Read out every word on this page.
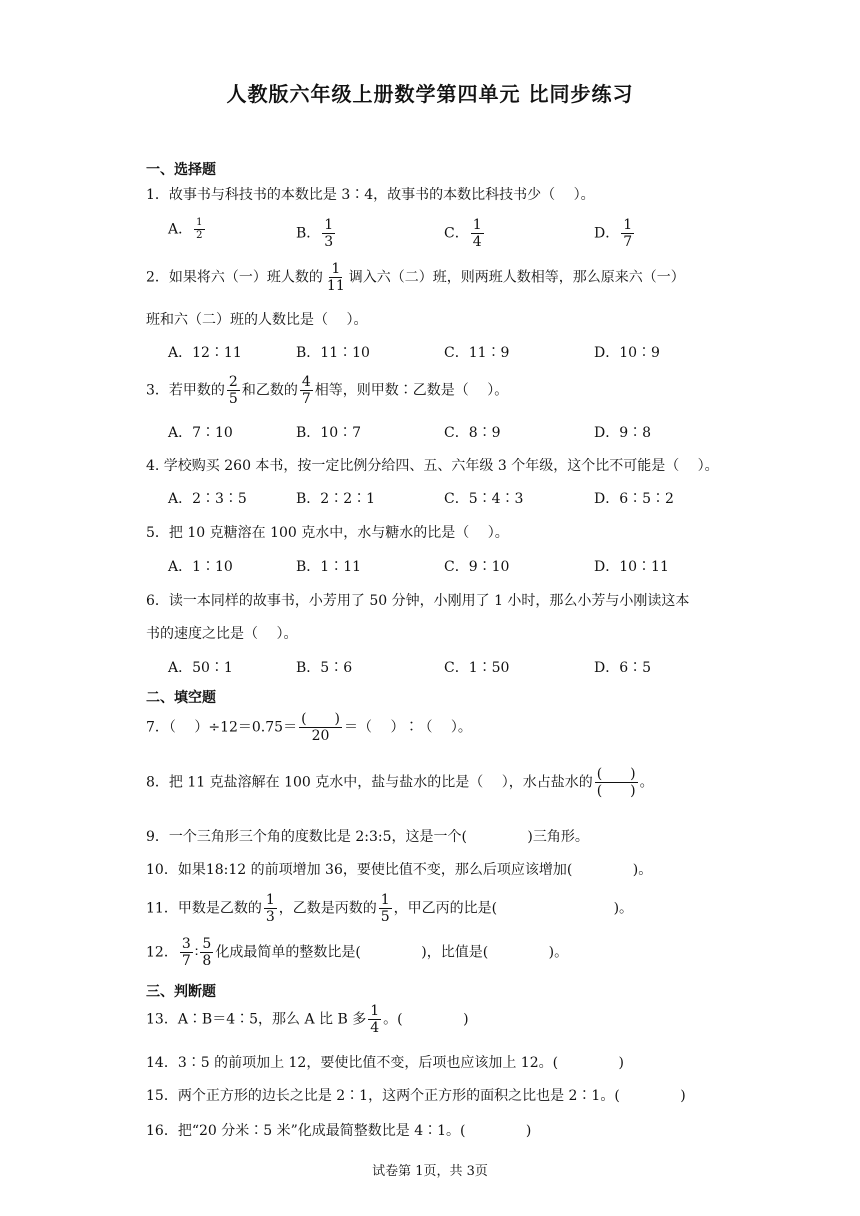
人教版六年级上册数学第四单元 比同步练习
一、选择题
1．故事书与科技书的本数比是 3∶4，故事书的本数比科技书少（　 ）。
A． $\frac{1}{2}$	B． $\frac{1}{3}$	C． $\frac{1}{4}$	D． $\frac{1}{7}$
2．如果将六（一）班人数的 $\frac{1}{11}$ 调入六（二）班，则两班人数相等，那么原来六（一）
班和六（二）班的人数比是（　 ）。
A．12∶11	B．11∶10	C．11∶9	D．10∶9
3．若甲数的 $\frac{2}{5}$ 和乙数的 $\frac{4}{7}$ 相等，则甲数∶乙数是（　 ）。
A．7∶10	B．10∶7	C．8∶9	D．9∶8
4. 学校购买 260 本书，按一定比例分给四、五、六年级 3 个年级，这个比不可能是（　 ）。
A．2∶3∶5	B．2∶2∶1	C．5∶4∶3	D．6∶5∶2
5．把 10 克糖溶在 100 克水中，水与糖水的比是（　 ）。
A．1∶10	B．1∶11	C．9∶10	D．10∶11
6．读一本同样的故事书，小芳用了 50 分钟，小刚用了 1 小时，那么小芳与小刚读这本
书的速度之比是（　 ）。
A．50∶1	B．5∶6	C．1∶50	D．6∶5
二、填空题
7．（　 ）$\div 12=0.75= \frac{( )}{20}$ ＝（　 ）∶（　 ）。
8．把 11 克盐溶解在 100 克水中，盐与盐水的比是（　 ），水占盐水的 $\frac{( )}{( )}$ 。
9．一个三角形三个角的度数比是 2:3:5，这是一个(　　　　 )三角形。
10．如果18:12 的前项增加 36，要使比值不变，那么后项应该增加(　　　　 )。
11．甲数是乙数的 $\frac{1}{3}$ ，乙数是丙数的 $\frac{1}{5}$ ，甲乙丙的比是(　　　　　　　　 )。
12． $\frac{3}{7}$ ∶ $\frac{5}{8}$ 化成最简单的整数比是(　　　　 )，比值是(　　　　 )。
三、判断题
13．A∶B＝4∶5，那么 A 比 B 多 $\frac{1}{4}$ 。(　　　　 )
14．3∶5 的前项加上 12，要使比值不变，后项也应该加上 12。(　　　　 )
15．两个正方形的边长之比是 2∶1，这两个正方形的面积之比也是 2∶1。(　　　　 )
16．把“20 分米∶5 米”化成最简整数比是 4∶1。(　　　　 )
试卷第 1页，共 3页
